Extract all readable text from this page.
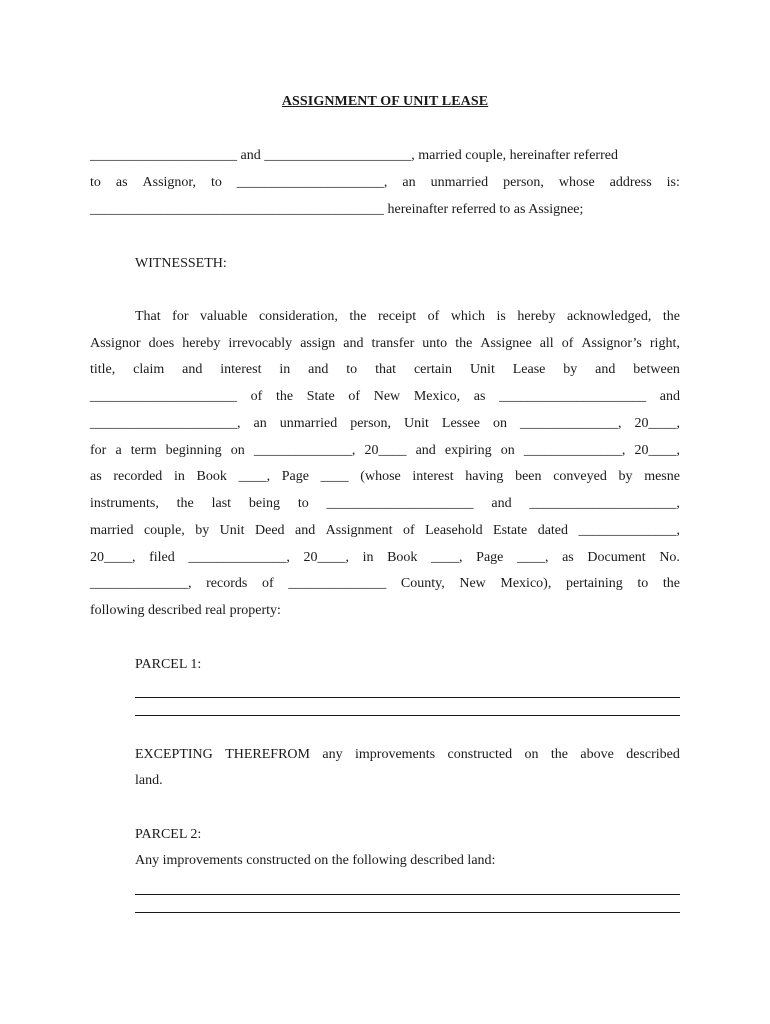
ASSIGNMENT OF UNIT LEASE
_____________________ and _____________________, married couple, hereinafter referred
to as Assignor, to _____________________, an unmarried person, whose address is:
__________________________________________ hereinafter referred to as Assignee;
WITNESSETH:
That for valuable consideration, the receipt of which is hereby acknowledged, the
Assignor does hereby irrevocably assign and transfer unto the Assignee all of Assignor’s right,
title, claim and interest in and to that certain Unit Lease by and between
_____________________ of the State of New Mexico, as _____________________ and
_____________________, an unmarried person, Unit Lessee on ______________, 20____,
for a term beginning on ______________, 20____ and expiring on ______________, 20____,
as recorded in Book ____, Page ____ (whose interest having been conveyed by mesne
instruments, the last being to _____________________ and _____________________,
married couple, by Unit Deed and Assignment of Leasehold Estate dated ______________,
20____, filed ______________, 20____, in Book ____, Page ____, as Document No.
______________, records of ______________ County, New Mexico), pertaining to the
following described real property:
PARCEL 1:
EXCEPTING THEREFROM any improvements constructed on the above described
land.
PARCEL 2:
Any improvements constructed on the following described land:
